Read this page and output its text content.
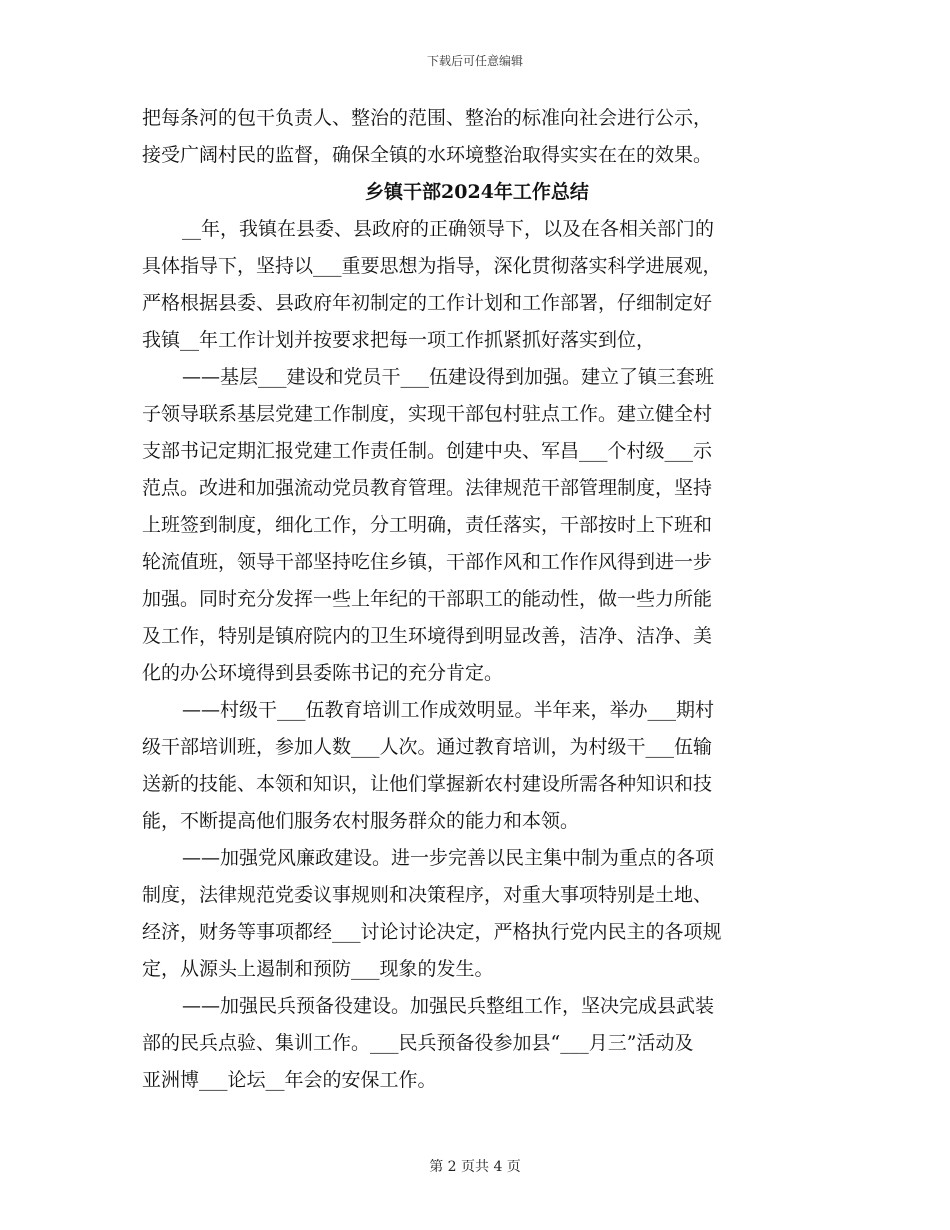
下载后可任意编辑
把每条河的包干负责人、整治的范围、整治的标准向社会进行公示，
接受广阔村民的监督，确保全镇的水环境整治取得实实在在的效果。
乡镇干部2024年工作总结
__年，我镇在县委、县政府的正确领导下，以及在各相关部门的
具体指导下，坚持以___重要思想为指导，深化贯彻落实科学进展观，
严格根据县委、县政府年初制定的工作计划和工作部署，仔细制定好
我镇__年工作计划并按要求把每一项工作抓紧抓好落实到位，
——基层___建设和党员干___伍建设得到加强。建立了镇三套班
子领导联系基层党建工作制度，实现干部包村驻点工作。建立健全村
支部书记定期汇报党建工作责任制。创建中央、军昌___个村级___示
范点。改进和加强流动党员教育管理。法律规范干部管理制度，坚持
上班签到制度，细化工作，分工明确，责任落实，干部按时上下班和
轮流值班，领导干部坚持吃住乡镇，干部作风和工作作风得到进一步
加强。同时充分发挥一些上年纪的干部职工的能动性，做一些力所能
及工作，特别是镇府院内的卫生环境得到明显改善，洁净、洁净、美
化的办公环境得到县委陈书记的充分肯定。
——村级干___伍教育培训工作成效明显。半年来，举办___期村
级干部培训班，参加人数___人次。通过教育培训，为村级干___伍输
送新的技能、本领和知识，让他们掌握新农村建设所需各种知识和技
能，不断提高他们服务农村服务群众的能力和本领。
——加强党风廉政建设。进一步完善以民主集中制为重点的各项
制度，法律规范党委议事规则和决策程序，对重大事项特别是土地、
经济，财务等事项都经___讨论讨论决定，严格执行党内民主的各项规
定，从源头上遏制和预防___现象的发生。
——加强民兵预备役建设。加强民兵整组工作，坚决完成县武装
部的民兵点验、集训工作。___民兵预备役参加县“___月三”活动及
亚洲博___论坛__年会的安保工作。
第 2 页共 4 页
